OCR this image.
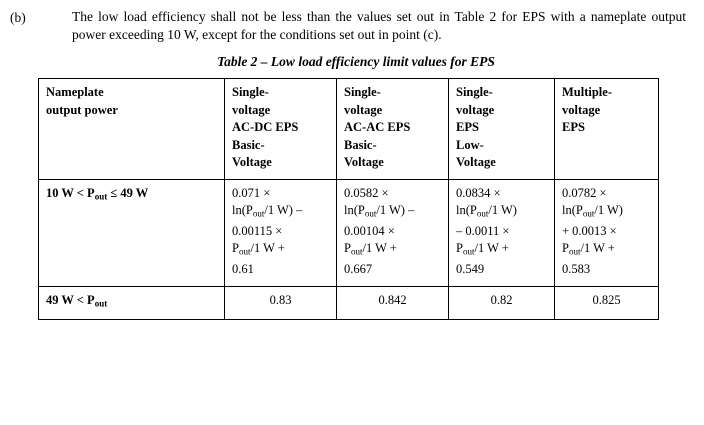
(b)	The low load efficiency shall not be less than the values set out in Table 2 for EPS with a nameplate output power exceeding 10 W, except for the conditions set out in point (c).
Table 2 – Low load efficiency limit values for EPS
Nameplate
output power	Single-
voltage
AC-DC EPS
Basic-
Voltage	Single-
voltage
AC-AC EPS
Basic-
Voltage	Single-
voltage
EPS
Low-
Voltage	Multiple-
voltage
EPS

10 $W < P_{out} \le 49$ W	0.071 ×
$\ln(P_{out}/1$ W) –
0.00115 ×
$P_{out}/1$ W +
0.61	0.0582 ×
$\ln(P_{out}/1$ W) –
0.00104 ×
$P_{out}/1$ W +
0.667	0.0834 ×
$\ln(P_{out}/1$ W)
– 0.0011 ×
$P_{out}/1$ W +
0.549	0.0782 ×
$\ln(P_{out}/1$ W)
+ 0.0013 ×
$P_{out}/1$ W +
0.583

49 $W < P_{out}$	0.83	0.842	0.82	0.825
